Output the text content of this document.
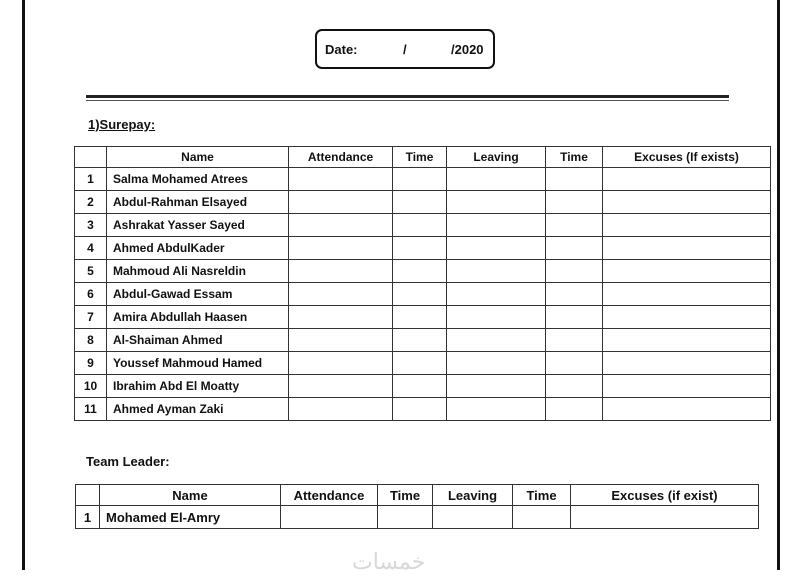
Date:	/	/2020
1)Surepay:
	Name	Attendance	Time	Leaving	Time	Excuses (If exists)
1	Salma Mohamed Atrees					
2	Abdul-Rahman Elsayed					
3	Ashrakat Yasser Sayed					
4	Ahmed AbdulKader					
5	Mahmoud Ali Nasreldin					
6	Abdul-Gawad Essam					
7	Amira Abdullah Haasen					
8	Al-Shaiman Ahmed					
9	Youssef Mahmoud Hamed					
10	Ibrahim Abd El Moatty					
11	Ahmed Ayman Zaki					
Team Leader:
	Name	Attendance	Time	Leaving	Time	Excuses (if exist)
1	Mohamed El-Amry					
خمسات
